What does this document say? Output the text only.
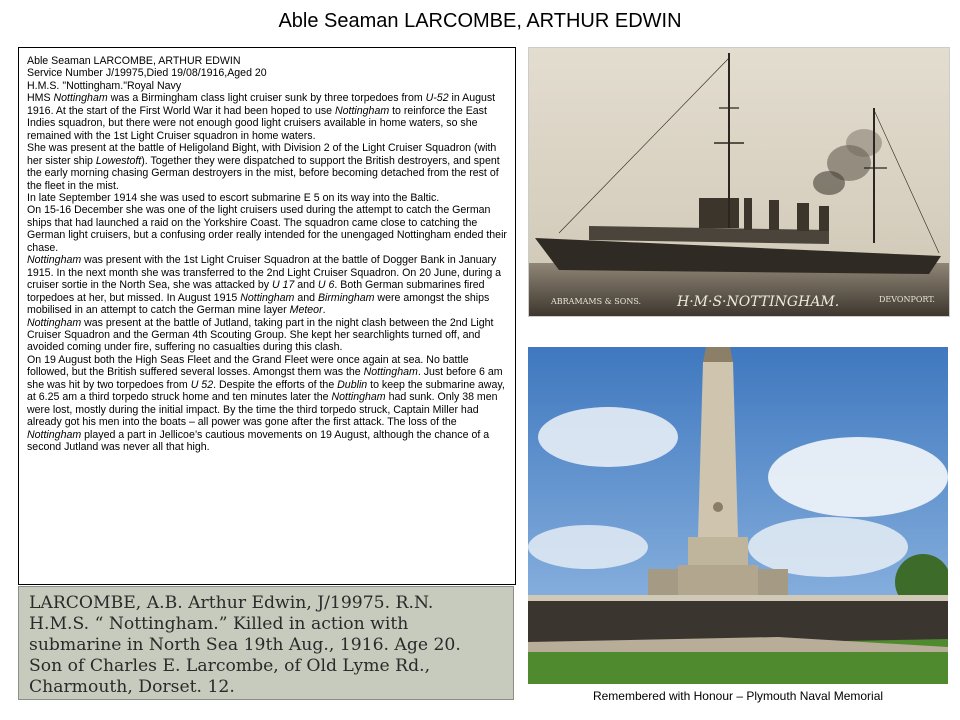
Able Seaman LARCOMBE, ARTHUR EDWIN

Able Seaman LARCOMBE, ARTHUR EDWIN

Service Number J/19975,Died 19/08/1916,Aged 20

H.M.S. "Nottingham."Royal Navy

HMS Nottingham was a Birmingham class light cruiser sunk by three torpedoes from U-52 in August 1916. At the start of the First World War it had been hoped to use Nottingham to reinforce the East Indies squadron, but there were not enough good light cruisers available in home waters, so she remained with the 1st Light Cruiser squadron in home waters.

She was present at the battle of Heligoland Bight, with Division 2 of the Light Cruiser Squadron (with her sister ship Lowestoft). Together they were dispatched to support the British destroyers, and spent the early morning chasing German destroyers in the mist, before becoming detached from the rest of the fleet in the mist.

In late September 1914 she was used to escort submarine E 5 on its way into the Baltic.

On 15-16 December she was one of the light cruisers used during the attempt to catch the German ships that had launched a raid on the Yorkshire Coast. The squadron came close to catching the German light cruisers, but a confusing order really intended for the unengaged Nottingham ended their chase.

Nottingham was present with the 1st Light Cruiser Squadron at the battle of Dogger Bank in January 1915. In the next month she was transferred to the 2nd Light Cruiser Squadron. On 20 June, during a cruiser sortie in the North Sea, she was attacked by U 17 and U 6. Both German submarines fired torpedoes at her, but missed. In August 1915 Nottingham and Birmingham were amongst the ships mobilised in an attempt to catch the German mine layer Meteor.

Nottingham was present at the battle of Jutland, taking part in the night clash between the 2nd Light Cruiser Squadron and the German 4th Scouting Group. She kept her searchlights turned off, and avoided coming under fire, suffering no casualties during this clash.

On 19 August both the High Seas Fleet and the Grand Fleet were once again at sea. No battle followed, but the British suffered several losses. Amongst them was the Nottingham. Just before 6 am she was hit by two torpedoes from U 52. Despite the efforts of the Dublin to keep the submarine away, at 6.25 am a third torpedo struck home and ten minutes later the Nottingham had sunk. Only 38 men were lost, mostly during the initial impact. By the time the third torpedo struck, Captain Miller had already got his men into the boats – all power was gone after the first attack. The loss of the Nottingham played a part in Jellicoe’s cautious movements on 19 August, although the chance of a second Jutland was never all that high.

LARCOMBE, A.B. Arthur Edwin, J/19975. R.N.
H.M.S. “ Nottingham.” Killed in action with
submarine in North Sea 19th Aug., 1916. Age 20.
Son of Charles E. Larcombe, of Old Lyme Rd.,
Charmouth, Dorset. 12.
ABRAMAMS & SONS.	H·M·S·NOTTINGHAM.	DEVONPORT.
Remembered with Honour – Plymouth Naval Memorial
